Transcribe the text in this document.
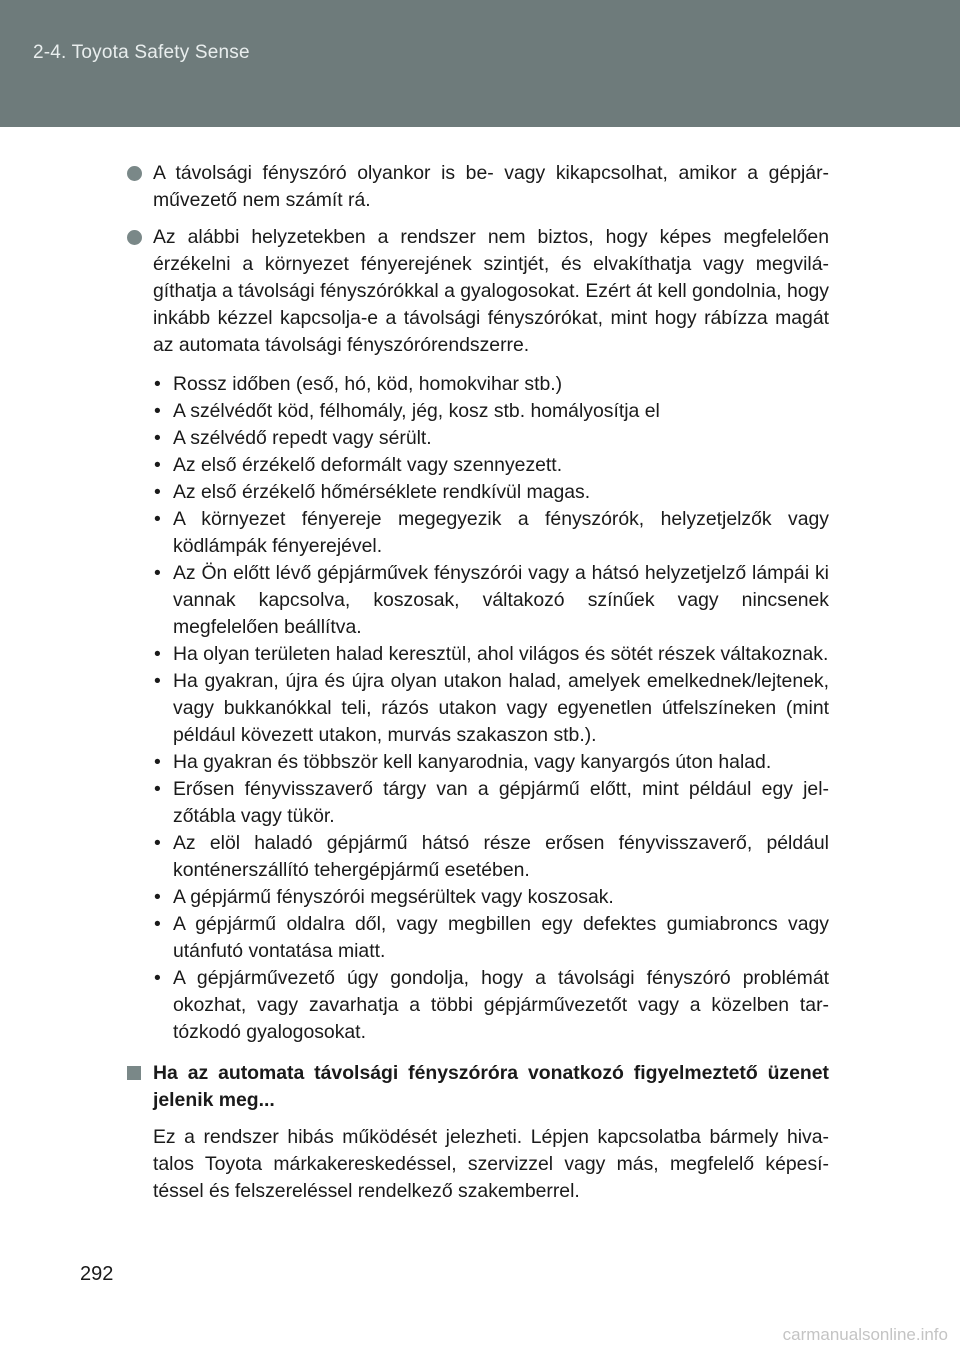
2-4. Toyota Safety Sense
A távolsági fényszóró olyankor is be- vagy kikapcsolhat, amikor a gépjárművezető nem számít rá.
Az alábbi helyzetekben a rendszer nem biztos, hogy képes megfelelően érzékelni a környezet fényerejének szintjét, és elvakíthatja vagy megvilágíthatja a távolsági fényszórókkal a gyalogosokat. Ezért át kell gondolnia, hogy inkább kézzel kapcsolja-e a távolsági fényszórókat, mint hogy rábízza magát az automata távolsági fényszórórendszerre.
• Rossz időben (eső, hó, köd, homokvihar stb.)
• A szélvédőt köd, félhomály, jég, kosz stb. homályosítja el
• A szélvédő repedt vagy sérült.
• Az első érzékelő deformált vagy szennyezett.
• Az első érzékelő hőmérséklete rendkívül magas.
• A környezet fényereje megegyezik a fényszórók, helyzetjelzők vagy ködlámpák fényerejével.
• Az Ön előtt lévő gépjárművek fényszórói vagy a hátsó helyzetjelző lámpái ki vannak kapcsolva, koszosak, váltakozó színűek vagy nincsenek megfelelően beállítva.
• Ha olyan területen halad keresztül, ahol világos és sötét részek váltakoznak.
• Ha gyakran, újra és újra olyan utakon halad, amelyek emelkednek/lejtenek, vagy bukkanókkal teli, rázós utakon vagy egyenetlen útfelszíneken (mint például kövezett utakon, murvás szakaszon stb.).
• Ha gyakran és többször kell kanyarodnia, vagy kanyargós úton halad.
• Erősen fényvisszaverő tárgy van a gépjármű előtt, mint például egy jelzőtábla vagy tükör.
• Az elöl haladó gépjármű hátsó része erősen fényvisszaverő, például konténerszállító tehergépjármű esetében.
• A gépjármű fényszórói megsérültek vagy koszosak.
• A gépjármű oldalra dől, vagy megbillen egy defektes gumiabroncs vagy utánfutó vontatása miatt.
• A gépjárművezető úgy gondolja, hogy a távolsági fényszóró problémát okozhat, vagy zavarhatja a többi gépjárművezetőt vagy a közelben tartózkodó gyalogosokat.
Ha az automata távolsági fényszóróra vonatkozó figyelmeztető üzenet jelenik meg...
Ez a rendszer hibás működését jelezheti. Lépjen kapcsolatba bármely hivatalos Toyota márkakereskedéssel, szervizzel vagy más, megfelelő képesítéssel és felszereléssel rendelkező szakemberrel.
292
carmanualsonline.info
